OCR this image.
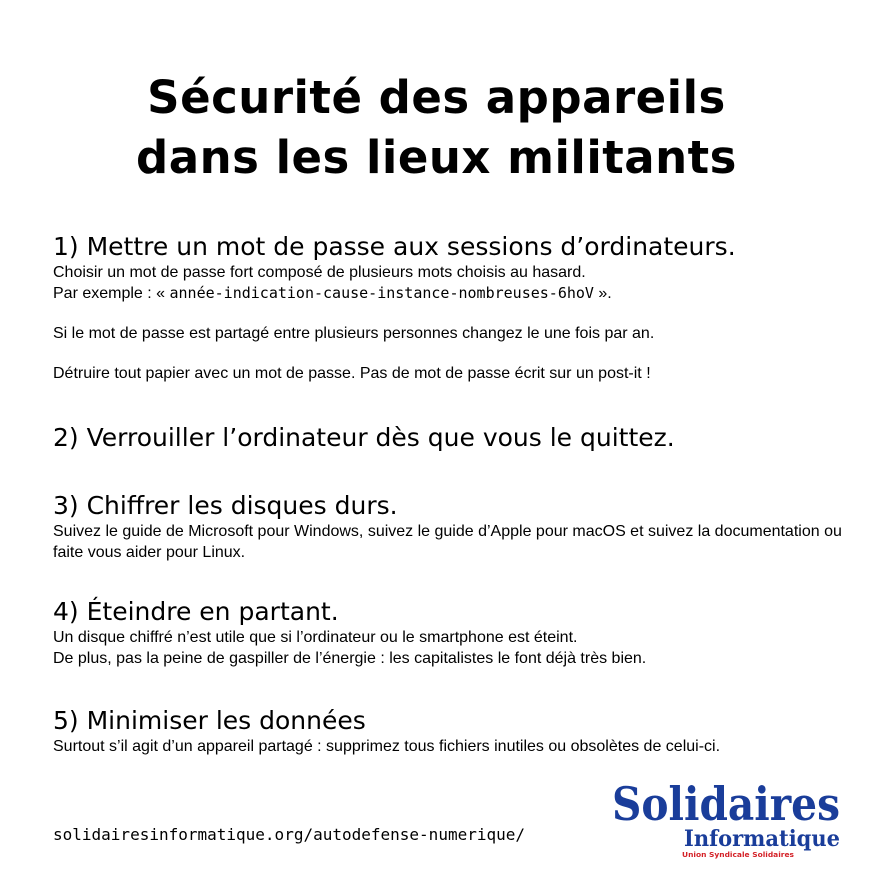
Sécurité des appareils
dans les lieux militants
1) Mettre un mot de passe aux sessions d’ordinateurs.

Choisir un mot de passe fort composé de plusieurs mots choisis au hasard.

Par exemple : « année-indication-cause-instance-nombreuses-6hoV ».

Si le mot de passe est partagé entre plusieurs personnes changez le une fois par an.

Détruire tout papier avec un mot de passe. Pas de mot de passe écrit sur un post-it !

2) Verrouiller l’ordinateur dès que vous le quittez.
3) Chiffrer les disques durs.

Suivez le guide de Microsoft pour Windows, suivez le guide d’Apple pour macOS et suivez la documentation ou faite vous aider pour Linux.

4) Éteindre en partant.

Un disque chiffré n’est utile que si l’ordinateur ou le smartphone est éteint.

De plus, pas la peine de gaspiller de l’énergie : les capitalistes le font déjà très bien.

5) Minimiser les données

Surtout s’il agit d’un appareil partagé : supprimez tous fichiers inutiles ou obsolètes de celui-ci.

solidairesinformatique.org/autodefense-numerique/
Solidaires
Informatique
Union Syndicale Solidaires
